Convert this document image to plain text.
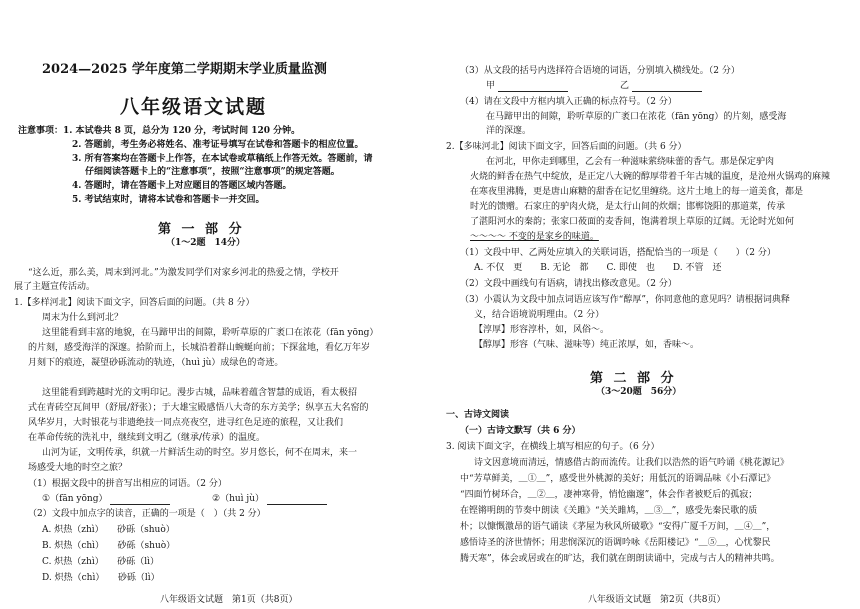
2024—2025 学年度第二学期期末学业质量监测
八年级语文试题
注意事项：1. 本试卷共 8 页，总分为 120 分，考试时间 120 分钟。
2. 答题前，考生务必将姓名、准考证号填写在试卷和答题卡的相应位置。
3. 所有答案均在答题卡上作答，在本试卷或草稿纸上作答无效。答题前，请
仔细阅读答题卡上的“注意事项”，按照“注意事项”的规定答题。
4. 答题时，请在答题卡上对应题目的答题区域内答题。
5. 考试结束时，请将本试卷和答题卡一并交回。
第 一 部 分
（1～2题　14分）
“这么近，那么美，周末到河北。”为激发同学们对家乡河北的热爱之情，学校开
展了主题宣传活动。
1.【多样河北】阅读下面文字，回答后面的问题。（共 8 分）
周末为什么到河北？
这里能看到丰富的地貌，在马蹄甲出的间隙，聆听草原的广袤口在浓花（fān yōng）
的片刻，感受海洋的深邃。拾阶而上，长城沿着群山蜿蜒向前；下探盆地，看亿万年岁
月刻下的痕迹，凝望砂砾流动的轨迹，（huì jù）成绿色的奇迹。
这里能看到跨越时光的文明印记。漫步古城，品味着蕴含智慧的成语，看太极招
式在青砖空瓦间甲（舒展/舒张）；于大雄宝殿感悟八大奇的东方美学；纵享五大名窑的
风华岁月，大时银花与非遗绝技一同点亮夜空，进寻红色足迹的旅程，又让我们
在革命传统的洗礼中，继续到文明乙（继承/传承）的温度。
山河为证，文明传承，织就一片鲜活生动的时空。岁月悠长，何不在周末，来一
场感受大地的时空之旅？
（1）根据文段中的拼音写出相应的词语。（2 分）
①（fān yōng）	②（huì jù）
（2）文段中加点字的读音，正确的一项是（　）（共 2 分）
A. 炽热（zhì）　　砂砾（shuò）
B. 炽热（chì）　　砂砾（shuò）
C. 炽热（zhì）　　砂砾（lì）
D. 炽热（chì）　　砂砾（lì）
八年级语文试题　第1页（共8页）
（3）从文段的括号内选择符合语境的词语，分别填入横线处。（2 分）
甲	乙
（4）请在文段中方框内填入正确的标点符号。（2 分）
在马蹄甲出的间隙，聆听草原的广袤口在浓花（fān yōng）的片刻，感受海
洋的深邃。
2.【多味河北】阅读下面文字，回答后面的问题。（共 6 分）
在河北，甲你走到哪里，乙会有一种滋味萦绕味蕾的香气。那是保定驴肉
火烧的鲜香在热气中绽放，是正定八大碗的醇厚带着千年古城的温度，是沧州火锅鸡的麻辣
在寒夜里沸腾，更是唐山麻糖的甜香在记忆里缠绕。这片土地上的每一道美食，都是
时光的馈赠。石家庄的驴肉火烧，是太行山间的炊烟；邯郸饶阳的那道菜，传承
了湛阳河水的秦韵；张家口莜面的麦香间，饱满着坝上草原的辽阔。无论时光如何
～～～～ 不变的是家乡的味道。
（1）文段中甲、乙两处应填入的关联词语，搭配恰当的一项是（　　）（2 分）
A. 不仅　更　　B. 无论　都　　C. 即使　也　　D. 不管　还
（2）文段中画线句有语病，请找出修改意见。（2 分）
（3）小震认为文段中加点词语应该写作“醇厚”，你同意他的意见吗？请根据词典释
义，结合语境说明理由。（2 分）
【淳厚】形容淳朴，如，风俗～。
【醇厚】形容（气味、滋味等）纯正浓厚，如，香味～。
第 二 部 分
（3～20题　56分）
一、古诗文阅读
（一）古诗文默写（共 6 分）
3. 阅读下面文字，在横线上填写相应的句子。（6 分）
诗文因意境而清远，情感借古韵而流传。让我们以浩然的语气吟诵《桃花源记》
中“芳草鲜美，＿①＿”，感受世外桃源的美好；用低沉的语调品味《小石潭记》
“四面竹树环合，＿②＿，凄神寒骨，悄怆幽邃”，体会作者被贬后的孤寂；
在铿锵明朗的节奏中朗读《关雎》“关关雎鸠，＿③＿”，感受先秦民歌的质
朴；以慷慨激昂的语气诵读《茅屋为秋风所破歌》“安得广厦千万间，＿④＿”，
感悟诗圣的济世情怀；用悲悯深沉的语调吟咏《岳阳楼记》“＿⑤＿，心忧黎民
腾天寒”，体会或居或在的旷达，我们就在朗朗读诵中，完成与古人的精神共鸣。
八年级语文试题　第2页（共8页）
